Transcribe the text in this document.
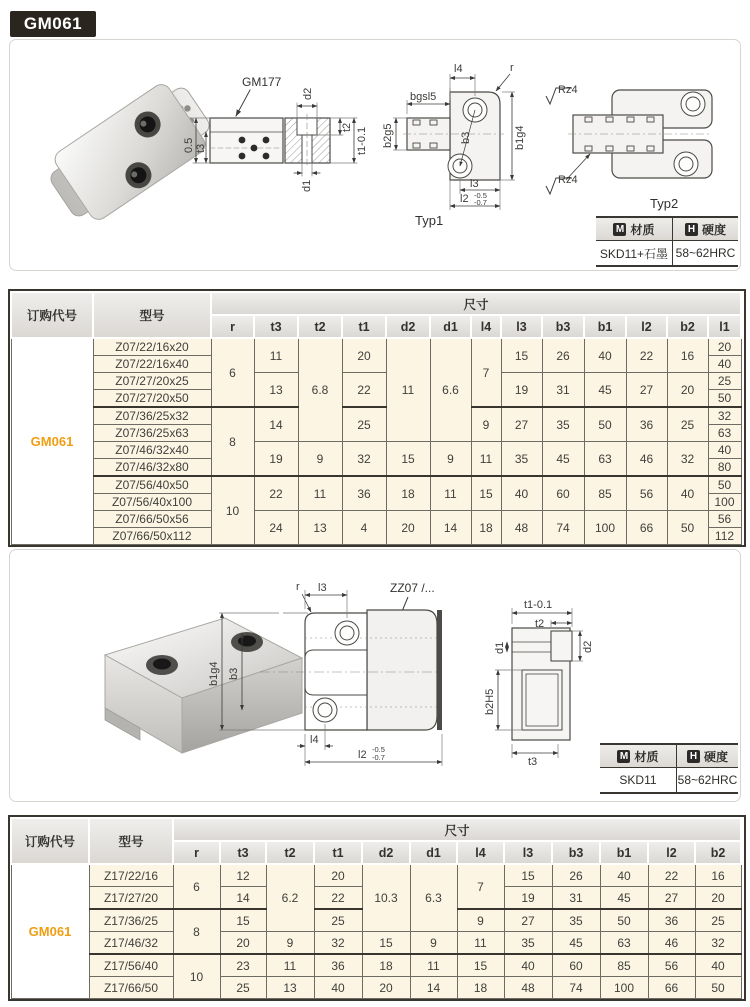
GM061
GM177
0.5 t3
d2
t2 t1-0.1
d1
l4	r
bgsl5
b2g5	b3	b1g4
l3
l2 -0.5
-0.7
Typ1
Rz4
Rz4
Typ2
M 材质	H 硬度
SKD11+石墨 58~62HRC
订购代号	型号	尺寸												
		r	t3	t2	t1	d2	d1	l4	l3	b3	b1	l2	b2	l1
GM061	Z07/22/16x20	6	11	6.8	20	11	6.6	7	15	26	40	22	16	20
	Z07/22/16x40													40
	Z07/27/20x25		13		22				19	31	45	27	20	25
	Z07/27/20x50													50
	Z07/36/25x32	8	14		25			9	27	35	50	36	25	32
	Z07/36/25x63													63
	Z07/46/32x40		19	9	32	15	9	11	35	45	63	46	32	40
	Z07/46/32x80													80
	Z07/56/40x50	10	22	11	36	18	11	15	40	60	85	56	40	50
	Z07/56/40x100													100
	Z07/66/50x56		24	13	4	20	14	18	48	74	100	66	50	56
	Z07/66/50x112													112
ZZ07 /...
r l3
b1g4 b3
l4
l2 -0.5
-0.7
t1-0.1
t2
d1	d2
b2H5
t3	M 材质	H 硬度
SKD11	58~62HRC
订购代号	型号	尺寸											
		r	t3	t2	t1	d2	d1	l4	l3	b3	b1	l2	b2
GM061	Z17/22/16	6	12	6.2	20	10.3	6.3	7	15	26	40	22	16
	Z17/27/20		14		22				19	31	45	27	20
	Z17/36/25	8	15		25			9	27	35	50	36	25
	Z17/46/32		20	9	32	15	9	11	35	45	63	46	32
	Z17/56/40	10	23	11	36	18	11	15	40	60	85	56	40
	Z17/66/50		25	13	40	20	14	18	48	74	100	66	50
